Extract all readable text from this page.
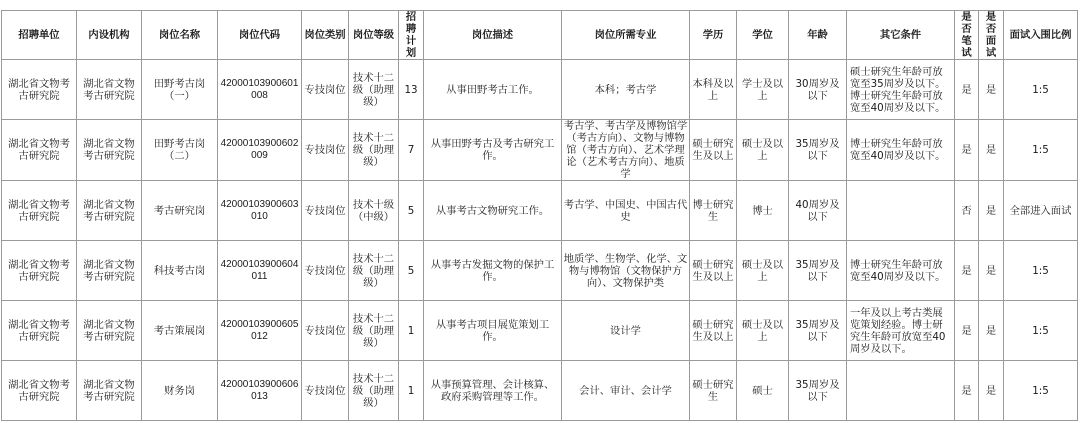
招聘单位	内设机构	岗位名称	岗位代码	岗位类别	岗位等级	招聘计划	岗位描述	岗位所需专业	学历	学位	年龄	其它条件	是否笔试	是否面试	面试入围比例
湖北省文物考古研究院	湖北省文物考古研究院	田野考古岗（一）	42000103900601008	专技岗位	技术十二级（助理级）	13	从事田野考古工作。	本科；考古学	本科及以上	学士及以上	30周岁及以下	硕士研究生年龄可放宽至35周岁及以下。博士研究生年龄可放宽至40周岁及以下。	是	是	1:5
湖北省文物考古研究院	湖北省文物考古研究院	田野考古岗（二）	42000103900602009	专技岗位	技术十二级（助理级）	7	从事田野考古及考古研究工作。	考古学、考古学及博物馆学（考古方向）、文物与博物馆（考古方向）、艺术学理论（艺术考古方向）、地质学	硕士研究生及以上	硕士及以上	35周岁及以下	博士研究生年龄可放宽至40周岁及以下。	是	是	1:5
湖北省文物考古研究院	湖北省文物考古研究院	考古研究岗	42000103900603010	专技岗位	技术十级（中级）	5	从事考古文物研究工作。	考古学、中国史、中国古代史	博士研究生	博士	40周岁及以下		否	是	全部进入面试
湖北省文物考古研究院	湖北省文物考古研究院	科技考古岗	42000103900604011	专技岗位	技术十二级（助理级）	5	从事考古发掘文物的保护工作。	地质学、生物学、化学、文物与博物馆（文物保护方向）、文物保护类	硕士研究生及以上	硕士及以上	35周岁及以下	博士研究生年龄可放宽至40周岁及以下。	是	是	1:5
湖北省文物考古研究院	湖北省文物考古研究院	考古策展岗	42000103900605012	专技岗位	技术十二级（助理级）	1	从事考古项目展览策划工作。	设计学	硕士研究生及以上	硕士及以上	35周岁及以下	一年及以上考古类展览策划经验。博士研究生年龄可放宽至40周岁及以下。	是	是	1:5
湖北省文物考古研究院	湖北省文物考古研究院	财务岗	42000103900606013	专技岗位	技术十二级（助理级）	1	从事预算管理、会计核算、政府采购管理等工作。	会计、审计、会计学	硕士研究生	硕士	35周岁及以下		是	是	1:5
